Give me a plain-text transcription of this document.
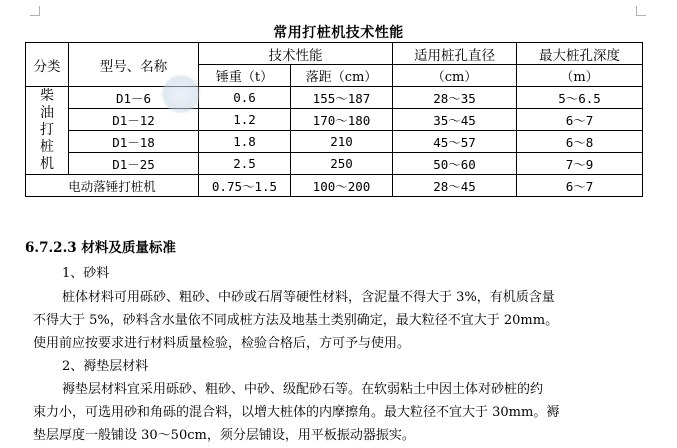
常用打桩机技术性能
分类	型号、名称	技术性能		适用桩孔直径	最大桩孔深度
		锤重（t）	落距（cm）	（cm）	（m）
柴油打桩机	D1－6	0.6	155～187	28～35	5～6.5
	D1－12	1.2	170～180	35～45	6～7
	D1－18	1.8	210	45～57	6～8
	D1－25	2.5	250	50～60	7～9
电动落锤打桩机		0.75～1.5	100～200	28～45	6～7
6.7.2.3 材料及质量标准
1、砂料
桩体材料可用砾砂、粗砂、中砂或石屑等硬性材料，含泥量不得大于 3%，有机质含量
不得大于 5%，砂料含水量依不同成桩方法及地基土类别确定，最大粒径不宜大于 20mm。
使用前应按要求进行材料质量检验，检验合格后，方可予与使用。
2、褥垫层材料
褥垫层材料宜采用砾砂、粗砂、中砂、级配砂石等。在软弱粘土中因土体对砂桩的约
束力小，可选用砂和角砾的混合料，以增大桩体的内摩擦角。最大粒径不宜大于 30mm。褥
垫层厚度一般铺设 30～50cm，须分层铺设，用平板振动器振实。
